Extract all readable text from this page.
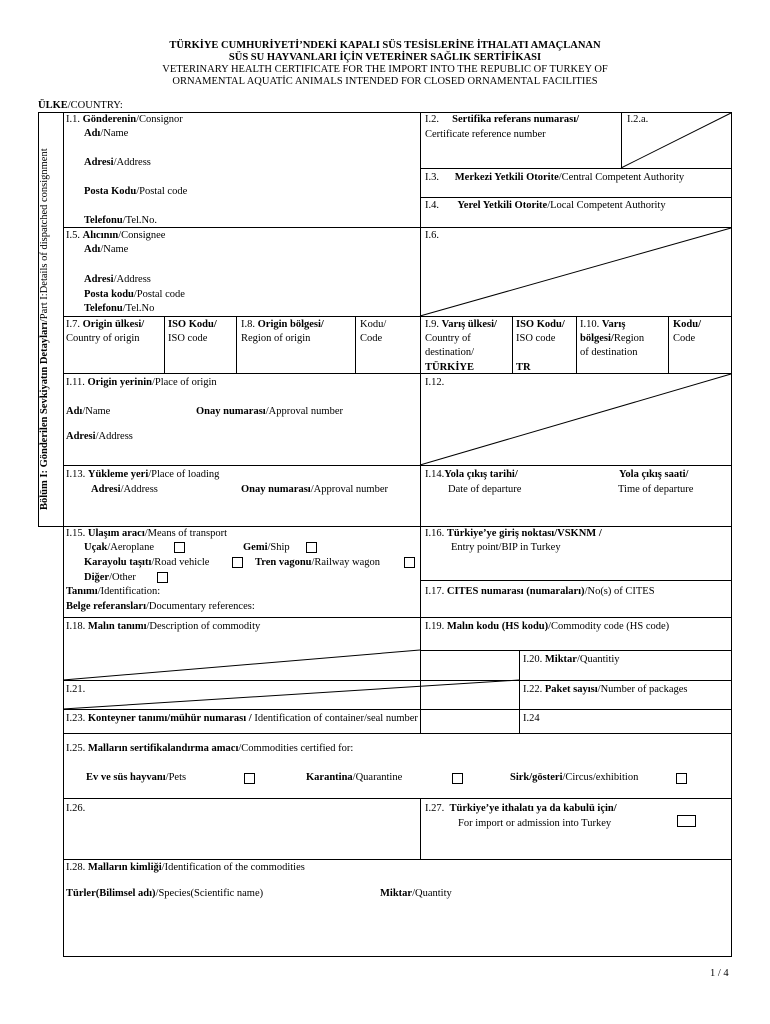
TÜRKİYE CUMHURİYETİ’NDEKİ KAPALI SÜS TESİSLERİNE İTHALATI AMAÇLANAN
SÜS SU HAYVANLARI İÇİN VETERİNER SAĞLIK SERTİFİKASI
VETERINARY HEALTH CERTIFICATE FOR THE IMPORT INTO THE REPUBLIC OF TURKEY OF
ORNAMENTAL AQUATİC ANIMALS INTENDED FOR CLOSED ORNAMENTAL FACILITIES
ÜLKE/COUNTRY:
Bölüm I: Gönderilen Sevkiyatın Detayları/Part I:Details of dispatched consignment
I.1. Gönderenin/Consignor
Adı/Name
Adresi/Address
Posta Kodu/Postal code
Telefonu/Tel.No.
I.2. Sertifika referans numarası/
Certificate reference number
I.2.a.
I.3. Merkezi Yetkili Otorite/Central Competent Authority
I.4. Yerel Yetkili Otorite/Local Competent Authority
I.5. Alıcının/Consignee
Adı/Name
Adresi/Address
Posta kodu/Postal code
Telefonu/Tel.No
I.6.
I.7. Origin ülkesi/
Country of origin
ISO Kodu/
ISO code
I.8. Origin bölgesi/
Region of origin
Kodu/
Code
I.9. Varış ülkesi/
Country of
destination/
TÜRKİYE
ISO Kodu/
ISO code
TR
I.10. Varış
bölgesi/Region
of destination
Kodu/
Code
I.11. Origin yerinin/Place of origin
Adı/Name	Onay numarası/Approval number
Adresi/Address
I.12.
I.13. Yükleme yeri/Place of loading
Adresi/Address	Onay numarası/Approval number
I.14.Yola çıkış tarihi/
Date of departure
Yola çıkış saati/
Time of departure
I.15. Ulaşım aracı/Means of transport
Uçak/Aeroplane	Gemi/Ship
Karayolu taşıtı/Road vehicle	Tren vagonu/Railway wagon
Diğer/Other
Tanımı/Identification:
Belge referansları/Documentary references:
I.16. Türkiye’ye giriş noktası/VSKNM /
Entry point/BIP in Turkey
I.17. CITES numarası (numaraları)/No(s) of CITES
I.18. Malın tanımı/Description of commodity	I.19. Malın kodu (HS kodu)/Commodity code (HS code)
I.20. Miktar/Quantitiy
I.21.	I.22. Paket sayısı/Number of packages
I.23. Konteyner tanımı/mühür numarası / Identification of container/seal number	I.24
I.25. Malların sertifikalandırma amacı/Commodities certified for:
Ev ve süs hayvanı/Pets	Karantina/Quarantine	Sirk/gösteri/Circus/exhibition
I.26.	I.27. Türkiye’ye ithalatı ya da kabulü için/
For import or admission into Turkey
I.28. Malların kimliği/Identification of the commodities
Türler(Bilimsel adı)/Species(Scientific name)	Miktar/Quantity
1 / 4
